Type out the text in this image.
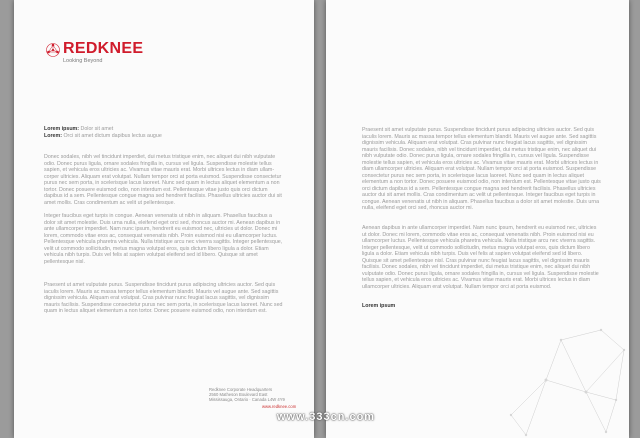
REDKNEE
Looking Beyond
Lorem ipsum: Dolor sit amet
Lorem: Orci sit amet dictum dapibus lectus augue
Donec sodales, nibh vel tincidunt imperdiet, dui metus tristique enim, nec aliquet dui nibh vulputate odio. Donec purus ligula, ornare sodales fringilla in, cursus vel ligula. Suspendisse molestie tellus sapien, et vehicula eros ultricies ac. Vivamus vitae mauris erat. Morbi ultrices lectus in diam ullamcorper ultricies. Aliquam erat volutpat. Nullam tempor orci at porta euismod. Suspendisse consectetur purus nec sem porta, in scelerisque lacus laoreet. Nunc sed quam in lectus aliquet elementum a non tortor. Donec posuere euismod odio, non interdum est. Pellentesque vitae justo quis orci dictum dapibus id a sem. Pellentesque congue magna sed hendrerit facilisis. Phasellus ultricies auctor dui sit amet mollis. Cras condimentum ac velit ut pellentesque.
Integer faucibus eget turpis in congue. Aenean venenatis ut nibh in aliquam. Phasellus faucibus a dolor sit amet molestie. Duis urna nulla, eleifend eget orci sed, rhoncus auctor mi. Aenean dapibus in ante ullamcorper imperdiet. Nam nunc ipsum, hendrerit eu euismod nec, ultricies ut dolor. Donec mi lorem, commodo vitae eros ac, consequat venenatis nibh. Proin euismod nisi eu ullamcorper luctus. Pellentesque vehicula pharetra vehicula. Nulla tristique arcu nec viverra sagittis. Integer pellentesque, velit ut commodo sollicitudin, metus magna volutpat eros, quis dictum libero ligula a dolor. Etiam vehicula nibh turpis. Duis vel felis at sapien volutpat eleifend sed id libero. Quisque sit amet pellentesque nisl.
Praesent ut amet vulputate purus. Suspendisse tincidunt purus adipiscing ultricies auctor. Sed quis iaculis lorem. Mauris ac massa tempor tellus elementum blandit. Mauris vel augue ante. Sed sagittis dignissim vehicula. Aliquam erat volutpat. Cras pulvinar nunc feugiat lacus sagittis, vel dignissim mauris facilisis. Suspendisse consectetur purus nec sem porta, in scelerisque lacus laoreet. Nunc sed quam in lectus aliquet elementum a non tortor. Donec posuere euismod odio, non interdum est.
Redknee Corporate Headquarters
2560 Matheson Boulevard East
Mississauga, Ontario · Canada L4W 4Y9
www.redknee.com
Praesent sit amet vulputate purus. Suspendisse tincidunt purus adipiscing ultricies auctor. Sed quis iaculis lorem. Mauris ac massa tempor tellus elementum blandit. Mauris vel augue ante. Sed sagittis dignissim vehicula. Aliquam erat volutpat. Cras pulvinar nunc feugiat lacus sagittis, vel dignissim mauris facilisis. Donec sodales, nibh vel tincidunt imperdiet, dui metus tristique enim, nec aliquet dui nibh vulputate odio. Donec purus ligula, ornare sodales fringilla in, cursus vel ligula. Suspendisse molestie tellus sapien, et vehicula eros ultricies ac. Vivamus vitae mauris erat. Morbi ultrices lectus in diam ullamcorper ultricies. Aliquam erat volutpat. Nullam tempor orci at porta euismod. Suspendisse consectetur purus nec sem porta, in scelerisque lacus laoreet. Nunc sed quam in lectus aliquet elementum a non tortor. Donec posuere euismod odio, non interdum est. Pellentesque vitae justo quis orci dictum dapibus id a sem. Pellentesque congue magna sed hendrerit facilisis. Phasellus ultricies auctor dui sit amet mollis. Cras condimentum ac velit ut pellentesque. Integer faucibus eget turpis in congue. Aenean venenatis ut nibh in aliquam. Phasellus faucibus a dolor sit amet molestie. Duis urna nulla, eleifend eget orci sed, rhoncus auctor mi.
Aenean dapibus in ante ullamcorper imperdiet. Nam nunc ipsum, hendrerit eu euismod nec, ultricies ut dolor. Donec mi lorem, commodo vitae eros ac, consequat venenatis nibh. Proin euismod nisi eu ullamcorper luctus. Pellentesque vehicula pharetra vehicula. Nulla tristique arcu nec viverra sagittis. Integer pellentesque, velit ut commodo sollicitudin, metus magna volutpat eros, quis dictum libero ligula a dolor. Etiam vehicula nibh turpis. Duis vel felis at sapien volutpat eleifend sed id libero. Quisque sit amet pellentesque nisl. Cras pulvinar nunc feugiat lacus sagittis, vel dignissim mauris facilisis. Donec sodales, nibh vel tincidunt imperdiet, dui metus tristique enim, nec aliquet dui nibh vulputate odio. Donec purus ligula, ornare sodales fringilla in, cursus vel ligula. Suspendisse molestie tellus sapien, et vehicula eros ultricies ac. Vivamus vitae mauris erat. Morbi ultrices lectus in diam ullamcorper ultricies. Aliquam erat volutpat. Nullam tempor orci at porta euismod.
Lorem ipsum
www.333cn.com
